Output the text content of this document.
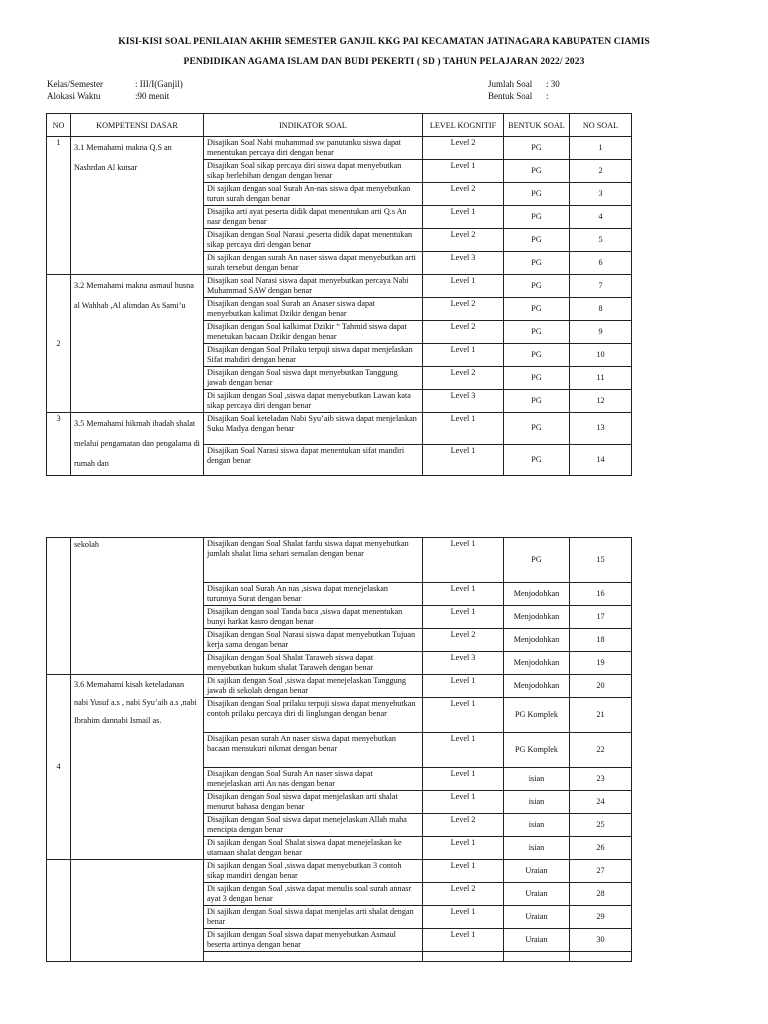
KISI-KISI SOAL PENILAIAN AKHIR SEMESTER GANJIL KKG PAI KECAMATAN JATINAGARA KABUPATEN CIAMIS
PENDIDIKAN AGAMA ISLAM DAN BUDI PEKERTI ( SD ) TAHUN PELAJARAN 2022/ 2023
Kelas/Semester	: III/I(Ganjil)
Alokasi Waktu	:90 menit
Jumlah Soal : 30
Bentuk Soal :
NO	KOMPETENSI DASAR	INDIKATOR SOAL	LEVEL KOGNITIF	BENTUK SOAL	NO SOAL
1	3.1 Memahami makna Q.S an Nashrdan Al kutsar	Disajikan Soal Nabi muhammad sw panutanku siswa dapat menentukan percaya diri dengan benar	Level 2	PG	1
		Disajikan Soal sikap percaya diri siswa dapat menyebutkan sikap berlebihan dengan dengan benar	Level 1	PG	2
		Di sajikan dengan soal Surah An-nas siswa dpat menyebutkan turun surah dengan benar	Level 2	PG	3
		Disajika arti ayat peserta didik dapat menentukan arti Q.s An nasr dengan benar	Level 1	PG	4
		Disajikan dengan Soal Narasi ,peserta didik dapat menentukan sikap percaya diri dengan benar	Level 2	PG	5
		Di sajikan dengan surah An naser siswa dapat menyebutkan arti surah tersebut dengan benar	Level 3	PG	6
2	3.2 Memahami makna asmaul husna al Wahhab ,Al alimdan As Sami’u	Disajikan soal Narasi siswa dapat menyebutkan percaya Nabi Muhammad SAW dengan benar	Level 1	PG	7
		Disajikan dengan soal Surah an Anaser siswa dapat menyebutkan kalimat Dzikir dengan benar	Level 2	PG	8
		Disajikan dengan Soal kalkimat Dzikir “ Tahmid siswa dapat menetukan bacaan Dzikir dengan benar	Level 2	PG	9
		Disajikan dengan Soal Prilaku terpuji siswa dapat menjelaskan Sifat mahdiri dengan benar	Level 1	PG	10
		Disajikan dengan Soal siswa dapt menyebutkan Tanggung jawab dengan benar	Level 2	PG	11
		Di sajikan dengan Soal ,siswa dapat menyebutkan Lawan kata sikap percaya diri dengan benar	Level 3	PG	12
3	3.5 Memahami hikmah ibadah shalat melalui pengamatan dan pengalama di rumah dan	Disajikan Soal keteladan Nabi Syu’aib siswa dapat menjelaskan Suku Madya dengan benar	Level 1	PG	13
		Disajikan Soal Narasi siswa dapat menentukan sifat mandiri dengan benar	Level 1	PG	14
	sekolah	Disajikan dengan Soal Shalat fardu siswa dapat menyebutkan jumlah shalat lima sehari semalan dengan benar	Level 1	PG	15
		Disajikan soal Surah An nas ,siswa dapat menejelaskan turunnya Surat dengan benar	Level 1	Menjodohkan	16
		Disajikan dengan soal Tanda baca ,siswa dapat menentukan bunyi harkat kasro dengan benar	Level 1	Menjodohkan	17
		Disajikan dengan Soal Narasi siswa dapat menyebutkan Tujuan kerja sama dengan benar	Level 2	Menjodohkan	18
		Disajikan dengan Soal Shalat Taraweh siswa dapat menyebutkan hukum shalat Taraweh dengan benar	Level 3	Menjodohkan	19
4	3.6 Memahami kisah keteladanan nabi Yusuf a.s , nabi Syu’aib a.s ,nabi Ibrahim dannabi Ismail as.	Di sajikan dengan Soal ,siswa dapat menejelaskan Tanggung jawab di sekolah dengan benar	Level 1	Menjodohkan	20
		Disajikan dengan Soal prilaku terpuji siswa dapat menyebutkan contoh prilaku percaya diri di linglungan dengan benar	Level 1	PG Komplek	21
		Disajikan pesan surah An naser siswa dapat menyebutkan bacaan mensukuri nikmat dengan benar	Level 1	PG Komplek	22
		Disajikan dengan Soal Surah An naser siswa dapat menejelaskan arti An nas dengan benar	Level 1	isian	23
		Disajikan dengan Soal siswa dapat menjelaskan arti shalat menurut bahasa dengan benar	Level 1	isian	24
		Disajikan dengan Soal siswa dapat menejelaskan Allah maha mencipta dengan benar	Level 2	isian	25
		Di sajikan dengan Soal Shalat siswa dapat menejelaskan ke utamaan shalat dengan benar	Level 1	isian	26
		Di sajikan dengan Soal ,siswa dapat menyebutkan 3 contoh sikap mandiri dengan benar	Level 1	Uraian	27
		Di sajikan dengan Soal ,siswa dapat menulis soal surah annasr ayat 3 dengan benar	Level 2	Uraian	28
		Di sajikan dengan Soal siswa dapat menjelas arti shalat dengan benar	Level 1	Uraian	29
		Di sajikan dengan Soal siswa dapat menyebutkan Asmaul beserta artinya dengan benar	Level 1	Uraian	30
